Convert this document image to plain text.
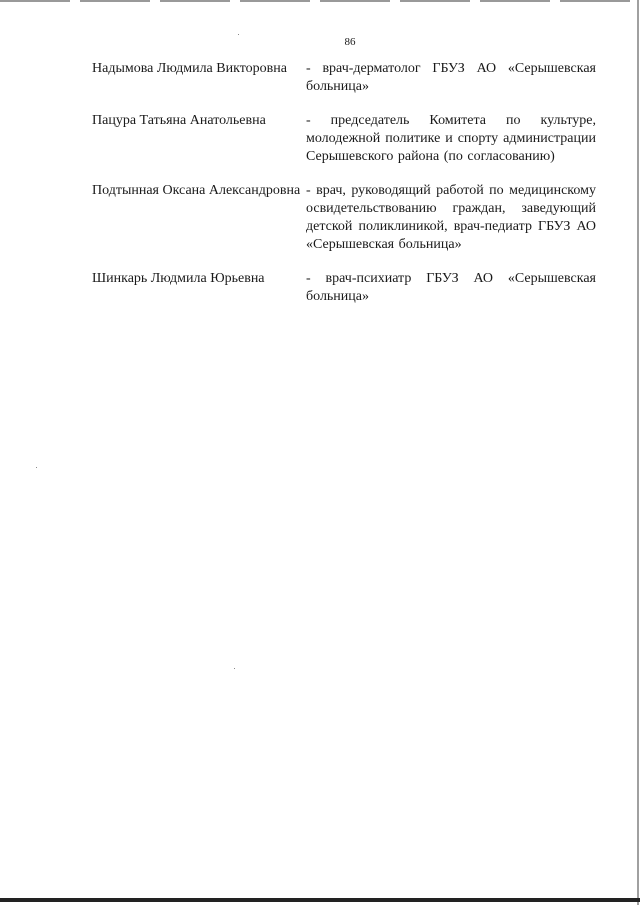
86
Надымова Людмила Викторовна	- врач-дерматолог ГБУЗ АО «Серышевская больница»
Пацура Татьяна Анатольевна	- председатель Комитета по культуре, молодежной политике и спорту администрации Серышевского района (по согласованию)
Подтынная Оксана Александровна - врач, руководящий работой по медицинскому освидетельствованию граждан, заведующий детской поликлиникой, врач-педиатр ГБУЗ АО «Серышевская больница»
Шинкарь Людмила Юрьевна	- врач-психиатр ГБУЗ АО «Серышевская больница»
